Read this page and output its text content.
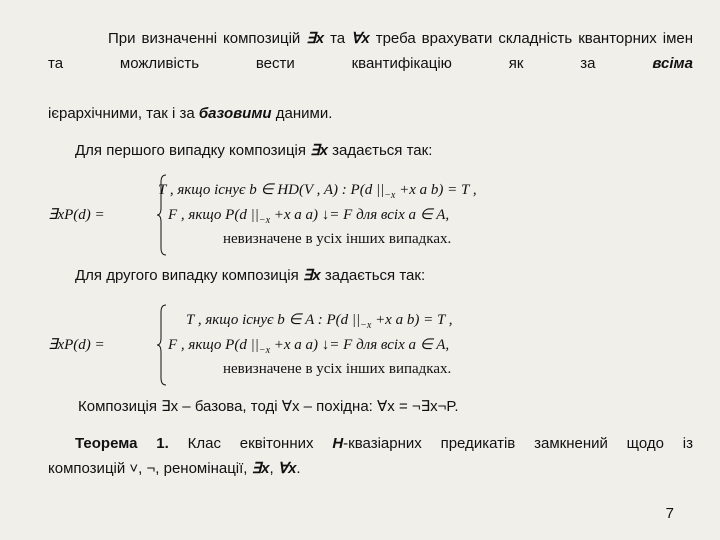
При визначенні композицій ∃x та ∀x треба врахувати складність кванторних імен та можливість вести квантифікацію як за	всіма

ієрархічними, так і за базовими даними.

Для першого випадку композиція ∃x задається так:

∃xP(d) =
T , якщо існує b ∈ HD(V , A) : P(d $||_{-x} +x$ а b) = T ,
F , якщо P(d $||_{-x} +x$ а a) ↓= F для всіх a ∈ A,
невизначене в усіх інших випадках.

Для другого випадку композиція ∃x задається так:

∃xP(d) =
T , якщо існує b ∈ A : P(d $||_{-x} +x$ а b) = T ,
F , якщо P(d $||_{-x} +x$ а a) ↓= F для всіх a ∈ A,
невизначене в усіх інших випадках.

Композиція ∃x – базова, тоді ∀x – похідна: ∀x = ¬∃x¬P.

Теорема 1. Клас еквітонних H-квазіарних предикатів замкнений щодо із

композицій ˅, ¬, реномінації, ∃x, ∀x.

7
